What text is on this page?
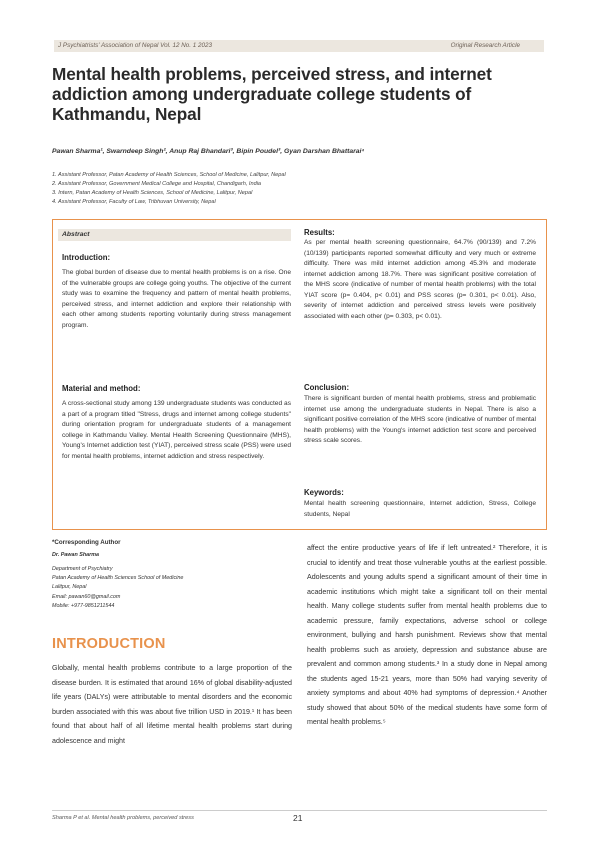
J Psychiatrists' Association of Nepal Vol. 12 No. 1 2023	Original Research Article
Mental health problems, perceived stress, and internet addiction among undergraduate college students of Kathmandu, Nepal
Pawan Sharma¹, Swarndeep Singh², Anup Raj Bhandari³, Bipin Poudel³, Gyan Darshan Bhattarai⁴
1. Assistant Professor, Patan Academy of Health Sciences, School of Medicine, Lalitpur, Nepal
2. Assistant Professor, Government Medical College and Hospital, Chandigarh, India
3. Intern, Patan Academy of Health Sciences, School of Medicine, Lalitpur, Nepal
4. Assistant Professor, Faculty of Law, Tribhuvan University, Nepal
Abstract
Introduction:
The global burden of disease due to mental health problems is on a rise. One of the vulnerable groups are college going youths. The objective of the current study was to examine the frequency and pattern of mental health problems, perceived stress, and internet addiction and explore their relationship with each other among students reporting voluntarily during stress management program.
Material and method:
A cross-sectional study among 139 undergraduate students was conducted as a part of a program titled "Stress, drugs and internet among college students" during orientation program for undergraduate students of a management college in Kathmandu Valley. Mental Health Screening Questionnaire (MHS), Young's Internet addiction test (YIAT), perceived stress scale (PSS) were used for mental health problems, internet addiction and stress respectively.
Results:
As per mental health screening questionnaire, 64.7% (90/139) and 7.2% (10/139) participants reported somewhat difficulty and very much or extreme difficulty. There was mild internet addiction among 45.3% and moderate internet addiction among 18.7%. There was significant positive correlation of the MHS score (indicative of number of mental health problems) with the total YIAT score (p= 0.404, p< 0.01) and PSS scores (p= 0.301, p< 0.01). Also, severity of internet addiction and perceived stress levels were positively associated with each other (p= 0.303, p< 0.01).
Conclusion:
There is significant burden of mental health problems, stress and problematic internet use among the undergraduate students in Nepal. There is also a significant positive correlation of the MHS score (indicative of number of mental health problems) with the Young's internet addiction test score and perceived stress scale scores.
Keywords:
Mental health screening questionnaire, Internet addiction, Stress, College students, Nepal
*Corresponding Author
Dr. Pawan Sharma
Department of Psychiatry
Patan Academy of Health Sciences School of Medicine
Lalitpur, Nepal
Email: pawan60@gmail.com
Mobile: +977-9851211544
INTRODUCTION
Globally, mental health problems contribute to a large proportion of the disease burden. It is estimated that around 16% of global disability-adjusted life years (DALYs) were attributable to mental disorders and the economic burden associated with this was about five trillion USD in 2019.¹ It has been found that about half of all lifetime mental health problems start during adolescence and might
affect the entire productive years of life if left untreated.² Therefore, it is crucial to identify and treat those vulnerable youths at the earliest possible. Adolescents and young adults spend a significant amount of their time in academic institutions which might take a significant toll on their mental health. Many college students suffer from mental health problems due to academic pressure, family expectations, adverse school or college environment, bullying and harsh punishment. Reviews show that mental health problems such as anxiety, depression and substance abuse are prevalent and common among students.³ In a study done in Nepal among the students aged 15-21 years, more than 50% had varying severity of anxiety symptoms and about 40% had symptoms of depression.⁴ Another study showed that about 50% of the medical students have some form of mental health problems.⁵
Sharma P et al. Mental health problems, perceived stress	21
